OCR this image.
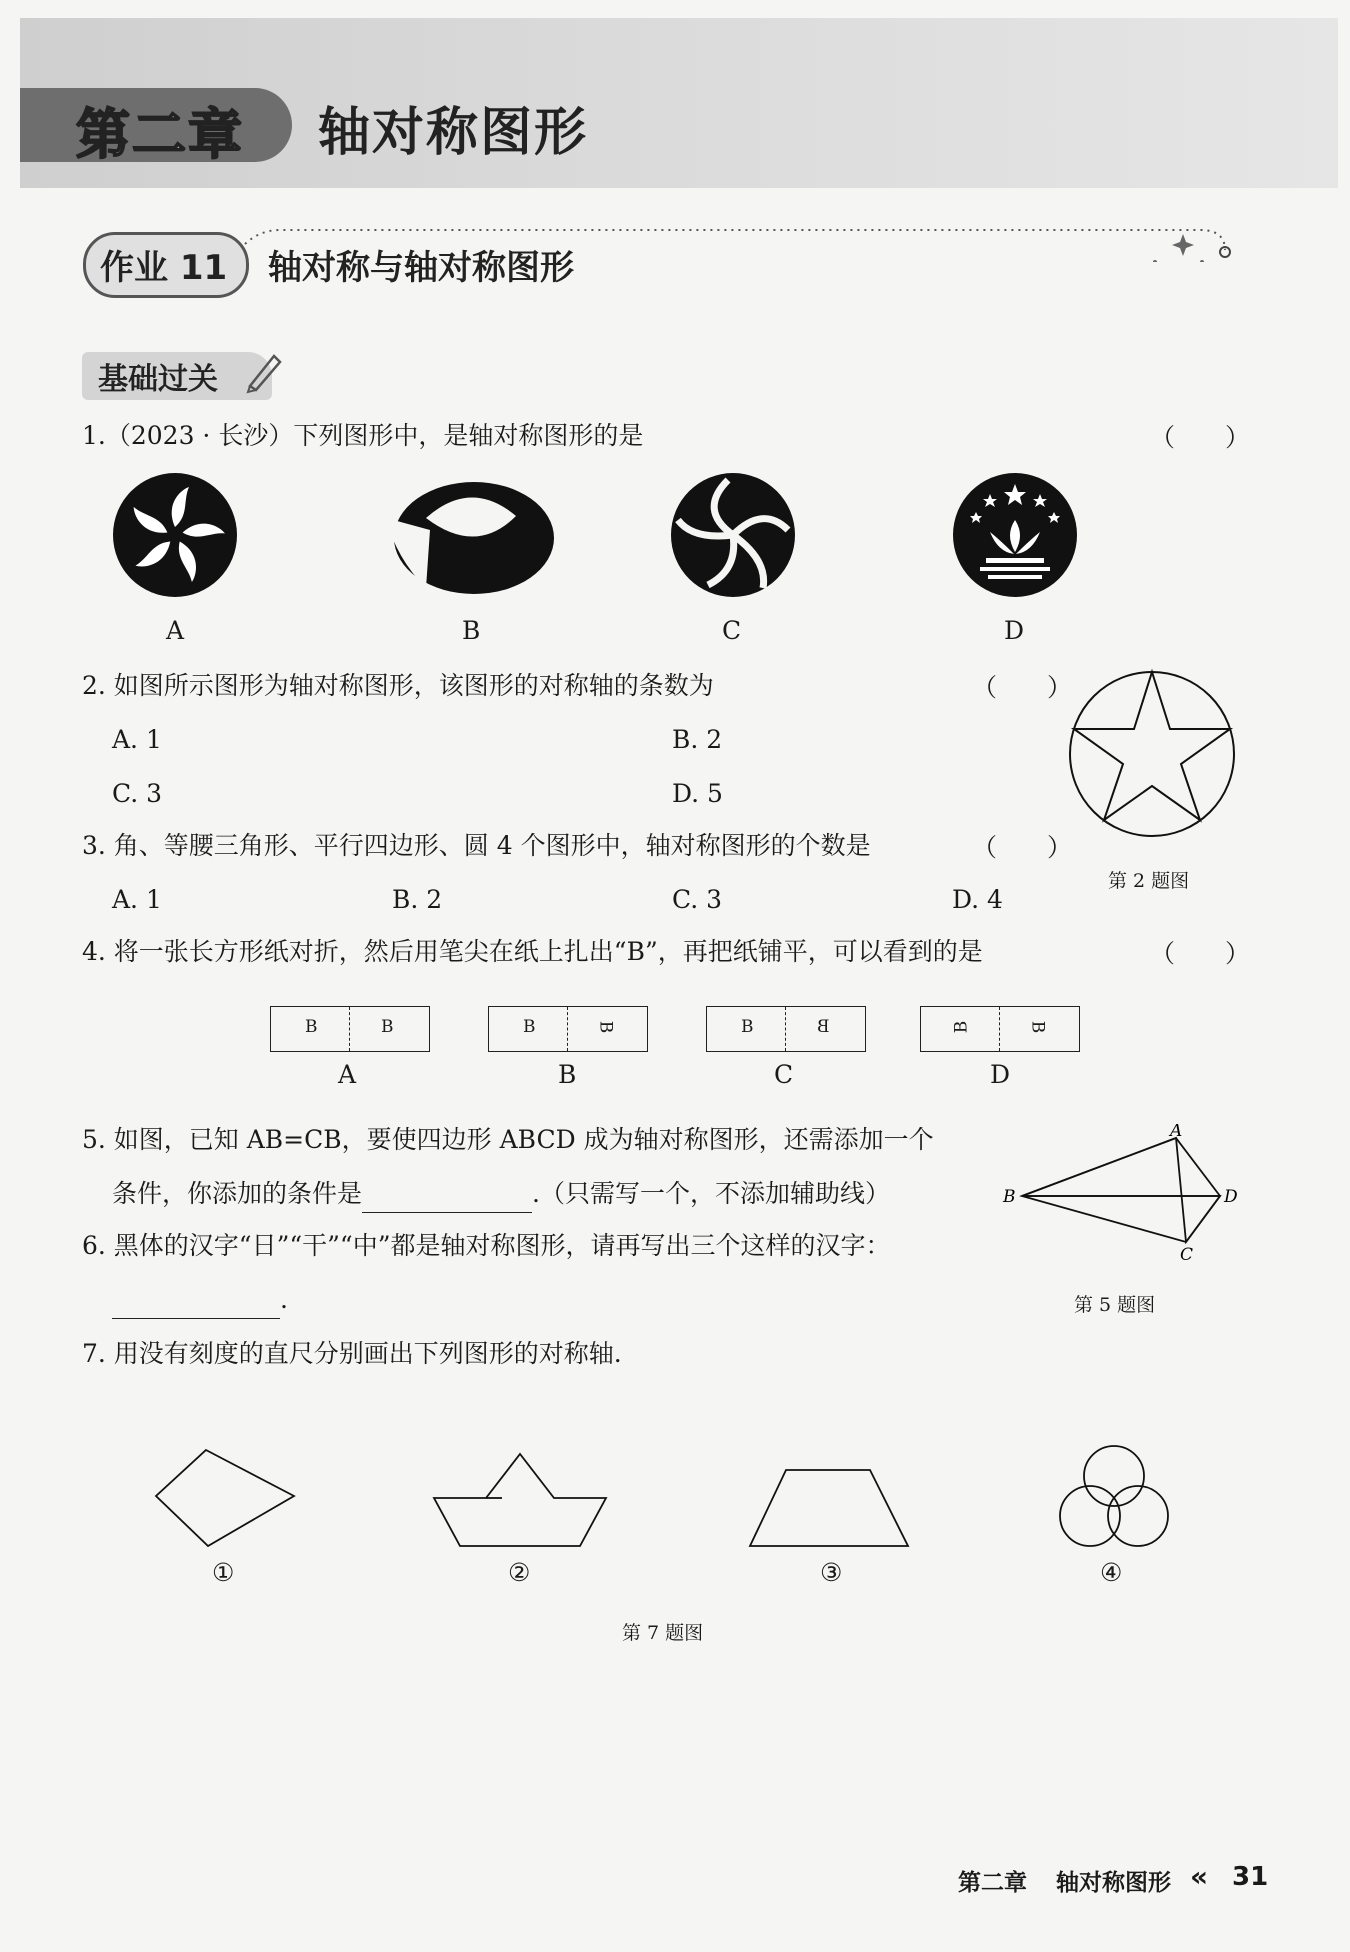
第二章 轴对称图形
作业 11 轴对称与轴对称图形
基础过关
1.（2023 · 长沙）下列图形中，是轴对称图形的是	（　　）
A	B	C	D
2. 如图所示图形为轴对称图形，该图形的对称轴的条数为	（　　）
A. 1	B. 2
C. 3	D. 5
第 2 题图
3. 角、等腰三角形、平行四边形、圆 4 个图形中，轴对称图形的个数是	（　　）
A. 1	B. 2	C. 3	D. 4
4. 将一张长方形纸对折，然后用笔尖在纸上扎出“B”，再把纸铺平，可以看到的是	（　　）
B	B
A
B	B
B
B	B
C
B	B
D
5. 如图，已知 AB=CB，要使四边形 ABCD 成为轴对称图形，还需添加一个
条件，你添加的条件是	.（只需写一个，不添加辅助线）
A
B
C
D
第 5 题图
6. 黑体的汉字“日”“干”“中”都是轴对称图形，请再写出三个这样的汉字：
.
7. 用没有刻度的直尺分别画出下列图形的对称轴.
①	②	③	④
第 7 题图
第二章 轴对称图形 « 31
